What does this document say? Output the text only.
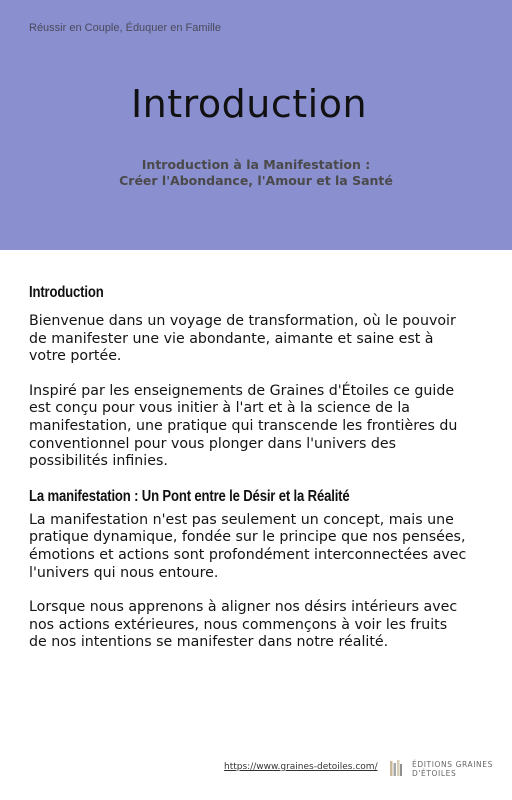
Réussir en Couple, Éduquer en Famille
Introduction
Introduction à la Manifestation :
Créer l'Abondance, l'Amour et la Santé
Introduction

Bienvenue dans un voyage de transformation, où le pouvoir de manifester une vie abondante, aimante et saine est à votre portée.

Inspiré par les enseignements de Graines d'Étoiles ce guide est conçu pour vous initier à l'art et à la science de la manifestation, une pratique qui transcende les frontières du conventionnel pour vous plonger dans l'univers des possibilités infinies.

La manifestation : Un Pont entre le Désir et la Réalité

La manifestation n'est pas seulement un concept, mais une pratique dynamique, fondée sur le principe que nos pensées, émotions et actions sont profondément interconnectées avec l'univers qui nous entoure.

Lorsque nous apprenons à aligner nos désirs intérieurs avec nos actions extérieures, nous commençons à voir les fruits de nos intentions se manifester dans notre réalité.

https://www.graines-detoiles.com/	ÉDITIONS GRAINES
D'ÉTOILES
